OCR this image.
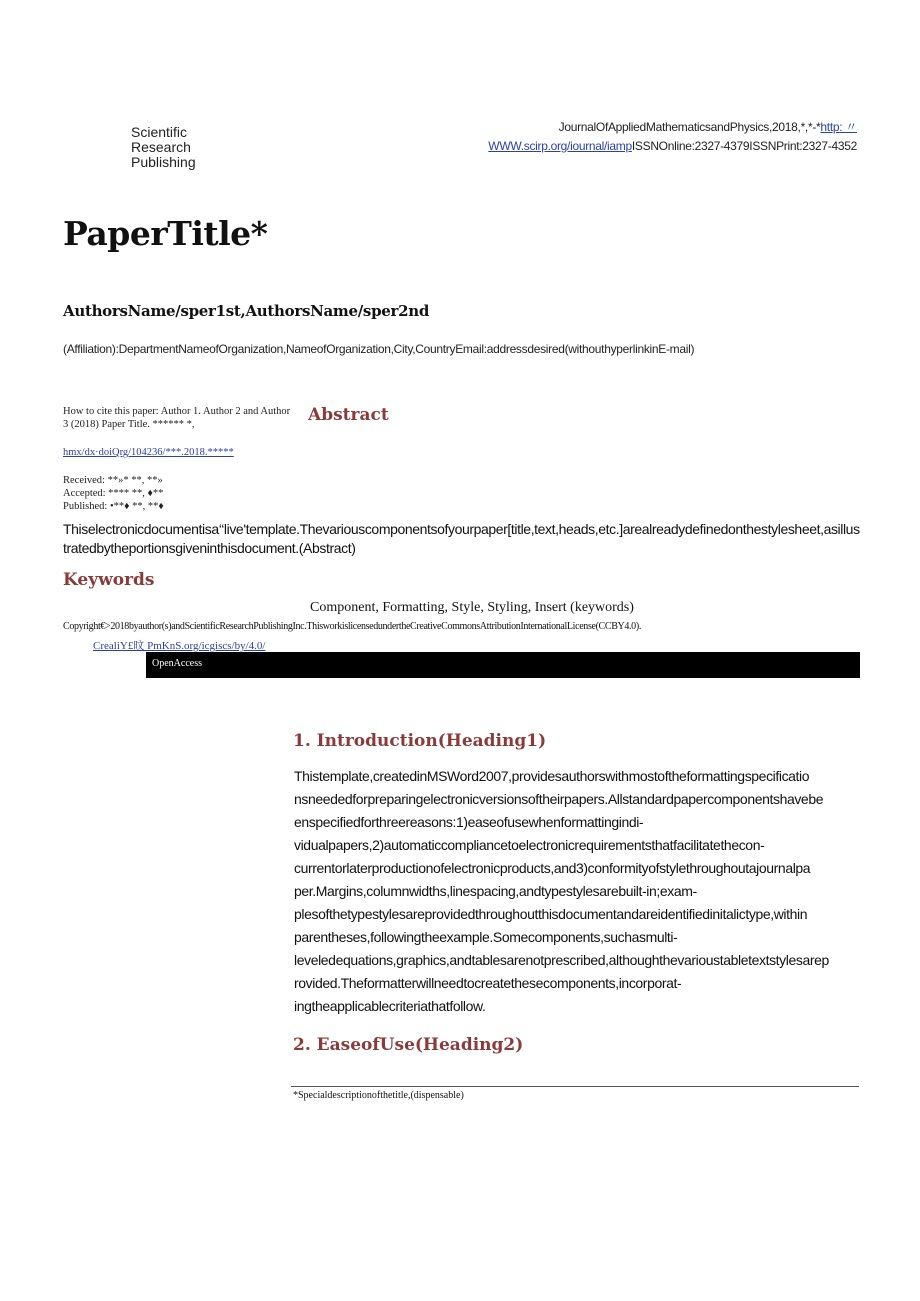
Scientific
Research
Publishing
JournalOfAppliedMathematicsandPhysics,2018,*,*-*http: 〃
WWW.scirp.org/iournal/iampISSNOnline:2327-4379ISSNPrint:2327-4352
PaperTitle*
AuthorsName/sper1st,AuthorsName/sper2nd
(Affiliation):DepartmentNameofOrganization,NameofOrganization,City,CountryEmail:addressdesired(withouthyperlinkinE-mail)
How to cite this paper: Author 1. Author 2 and Author 3 (2018) Paper Title. ****** *,
hmx/dx·doiQrg/104236/***.2018.*****
Received: **»* **, **»
Accepted: **** **, ♦**
Published: •**♦ **, **♦
Abstract
Thiselectronicdocumentisa‘‘live'template.Thevariouscomponentsofyourpaper[title,text,heads,etc.]arealreadydefinedonthestylesheet,asillustratedbytheportionsgiveninthisdocument.(Abstract)
Keywords
Component, Formatting, Style, Styling, Insert (keywords)
Copyright€>2018byauthor(s)andScientificResearchPublishingInc.ThisworkislicensedundertheCreativeCommonsAttributionInternationalLicense(CCBY4.0).
CrealiY£旼 PmKnS.org/icgiscs/by/4.0/
OpenAccess
1. Introduction(Heading1)
Thistemplate,createdinMSWord2007,providesauthorswithmostoftheformattingspecificatio
nsneededforpreparingelectronicversionsoftheirpapers.Allstandardpapercomponentshavebe
enspecifiedforthreereasons:1)easeofusewhenformattingindi-
vidualpapers,2)automaticcompliancetoelectronicrequirementsthatfacilitatethecon-
currentorlaterproductionofelectronicproducts,and3)conformityofstylethroughoutajournalpa
per.Margins,columnwidths,linespacing,andtypestylesarebuilt-in;exam-
plesofthetypestylesareprovidedthroughoutthisdocumentandareidentifiedinitalictype,within
parentheses,followingtheexample.Somecomponents,suchasmulti-
leveledequations,graphics,andtablesarenotprescribed,althoughthevarioustabletextstylesarep
rovided.Theformatterwillneedtocreatethesecomponents,incorporat-
ingtheapplicablecriteriathatfollow.
2. EaseofUse(Heading2)
*Specialdescriptionofthetitle,(dispensable)
